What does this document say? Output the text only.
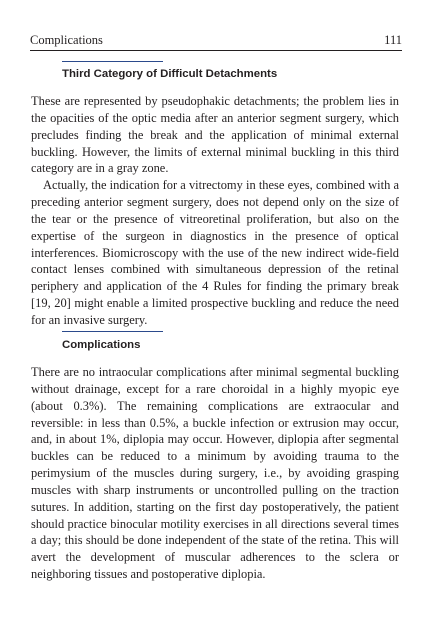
Complications	111
Third Category of Difficult Detachments

These are represented by pseudophakic detachments; the problem lies in the opacities of the optic media after an anterior segment surgery, which precludes finding the break and the application of minimal external buckling. However, the limits of external minimal buckling in this third category are in a gray zone.

Actually, the indication for a vitrectomy in these eyes, combined with a preceding anterior segment surgery, does not depend only on the size of the tear or the presence of vitreoretinal proliferation, but also on the expertise of the surgeon in diagnostics in the presence of optical interferences. Biomicroscopy with the use of the new indirect wide-field contact lenses combined with simultaneous depression of the retinal periphery and application of the 4 Rules for finding the primary break [19, 20] might enable a limited prospective buckling and reduce the need for an invasive surgery.

Complications

There are no intraocular complications after minimal segmental buckling without drainage, except for a rare choroidal in a highly myopic eye (about 0.3%). The remaining complications are extraocular and reversible: in less than 0.5%, a buckle infection or extrusion may occur, and, in about 1%, diplopia may occur. However, diplopia after segmental buckles can be reduced to a minimum by avoiding trauma to the perimysium of the muscles during surgery, i.e., by avoiding grasping muscles with sharp instruments or uncontrolled pulling on the traction sutures. In addition, starting on the first day postoperatively, the patient should practice binocular motility exercises in all directions several times a day; this should be done independent of the state of the retina. This will avert the development of muscular adherences to the sclera or neighboring tissues and postoperative diplopia.
